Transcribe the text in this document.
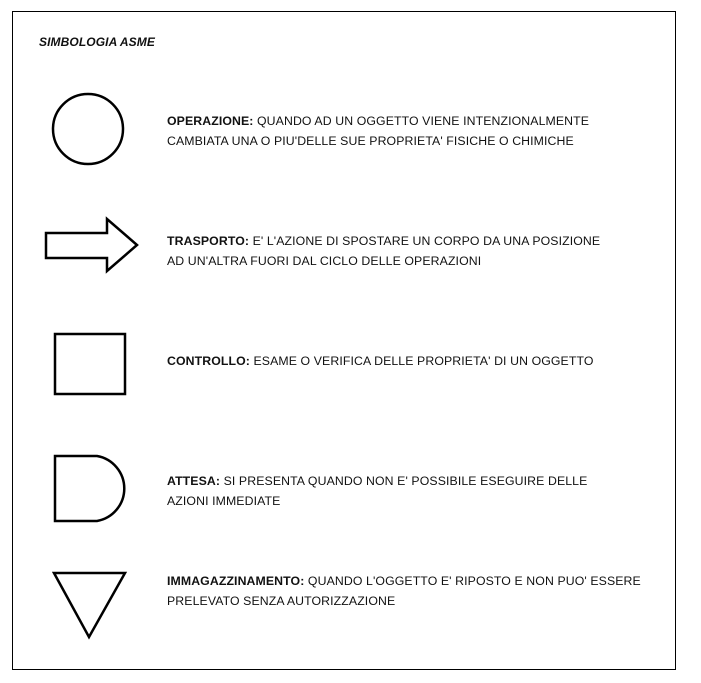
SIMBOLOGIA ASME
OPERAZIONE: QUANDO AD UN OGGETTO VIENE INTENZIONALMENTE
CAMBIATA UNA O PIU'DELLE SUE PROPRIETA' FISICHE O CHIMICHE
TRASPORTO: E' L'AZIONE DI SPOSTARE UN CORPO DA UNA POSIZIONE
AD UN'ALTRA FUORI DAL CICLO DELLE OPERAZIONI
CONTROLLO: ESAME O VERIFICA DELLE PROPRIETA' DI UN OGGETTO
ATTESA: SI PRESENTA QUANDO NON E' POSSIBILE ESEGUIRE DELLE
AZIONI IMMEDIATE
IMMAGAZZINAMENTO: QUANDO L'OGGETTO E' RIPOSTO E NON PUO' ESSERE
PRELEVATO SENZA AUTORIZZAZIONE
